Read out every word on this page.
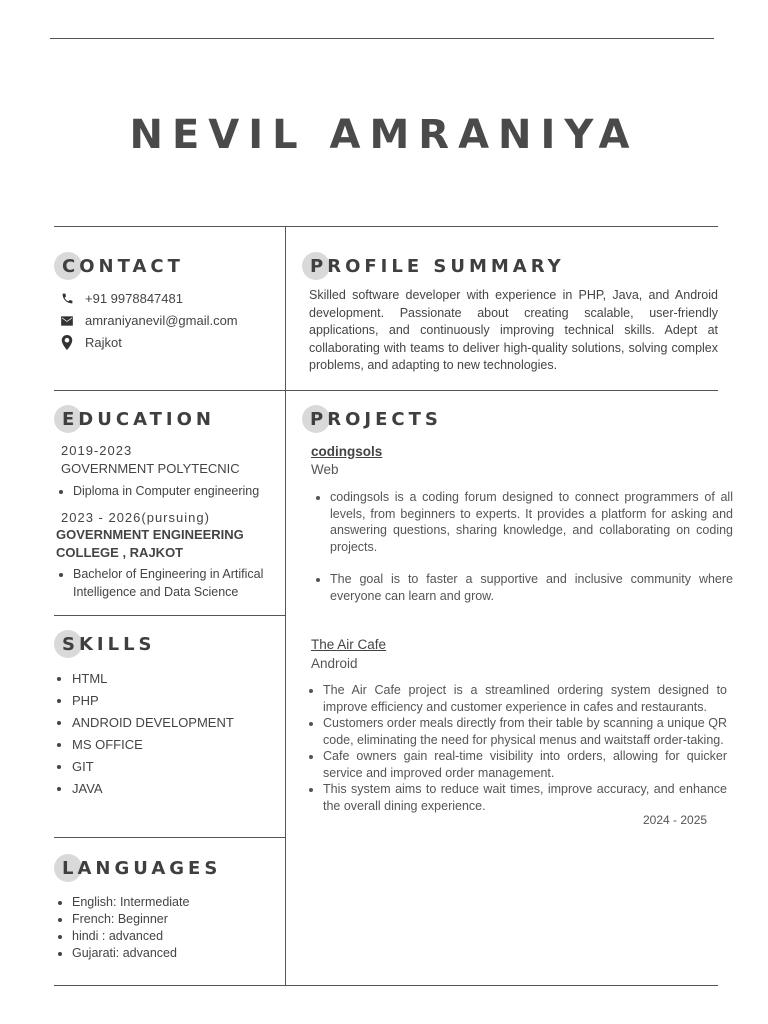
NEVIL AMRANIYA
CONTACT
+91 9978847481
amraniyanevil@gmail.com
Rajkot
PROFILE SUMMARY
Skilled software developer with experience in PHP, Java, and Android development. Passionate about creating scalable, user-friendly applications, and continuously improving technical skills. Adept at collaborating with teams to deliver high-quality solutions, solving complex problems, and adapting to new technologies.
EDUCATION
2019-2023
GOVERNMENT POLYTECNIC
• Diploma in Computer engineering
2023 - 2026(pursuing)
GOVERNMENT ENGINEERING COLLEGE , RAJKOT
• Bachelor of Engineering in Artifical Intelligence and Data Science
PROJECTS
codingsols
Web
• codingsols is a coding forum designed to connect programmers of all levels, from beginners to experts. It provides a platform for asking and answering questions, sharing knowledge, and collaborating on coding projects.
• The goal is to faster a supportive and inclusive community where everyone can learn and grow.
The Air Cafe
Android
• The Air Cafe project is a streamlined ordering system designed to improve efficiency and customer experience in cafes and restaurants.
• Customers order meals directly from their table by scanning a unique QR code, eliminating the need for physical menus and waitstaff order-taking.
• Cafe owners gain real-time visibility into orders, allowing for quicker service and improved order management.
• This system aims to reduce wait times, improve accuracy, and enhance the overall dining experience.
2024 - 2025
SKILLS
• HTML
• PHP
• ANDROID DEVELOPMENT
• MS OFFICE
• GIT
• JAVA
LANGUAGES
• English: Intermediate
• French: Beginner
• hindi : advanced
• Gujarati: advanced
